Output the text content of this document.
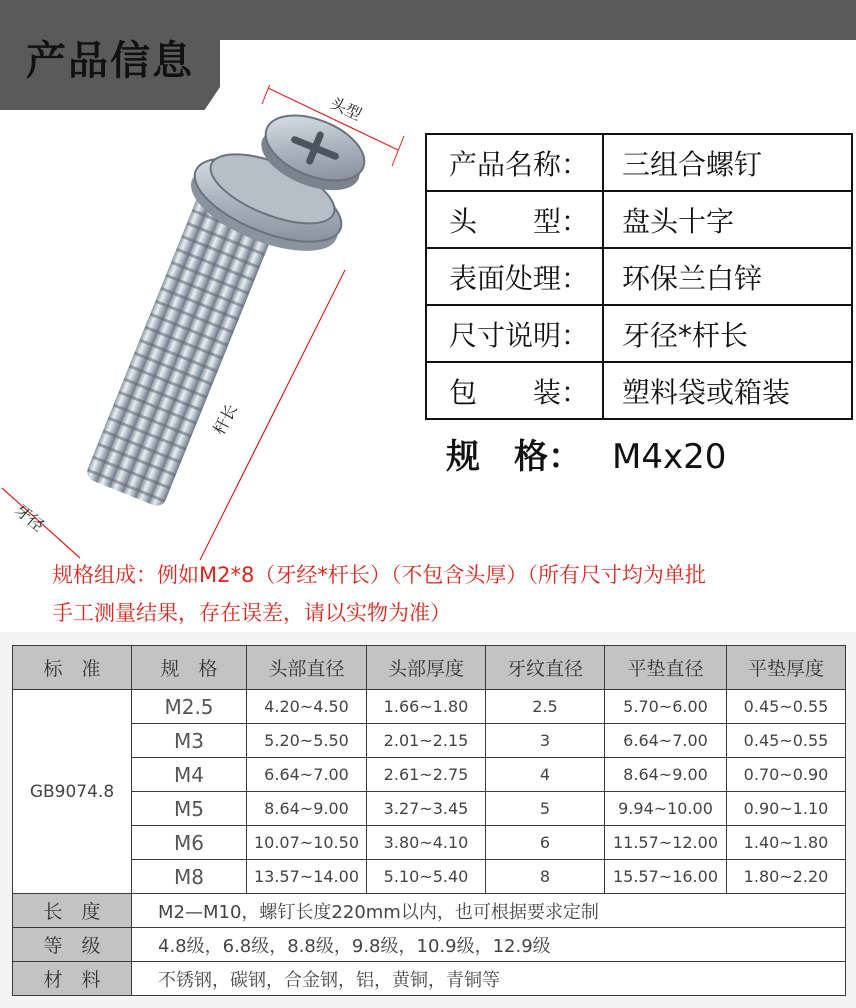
产品信息
头型
杆长
牙径
产品名称：	三组合螺钉
头　　型：	盘头十字
表面处理：	环保兰白锌
尺寸说明：	牙径*杆长
包　　装：	塑料袋或箱装
规　格： M4x20
规格组成：例如M2*8（牙经*杆长）（不包含头厚）（所有尺寸均为单批
手工测量结果，存在误差，请以实物为准）
标　准	规　格	头部直径	头部厚度	牙纹直径	平垫直径	平垫厚度
GB9074.8	M2.5	4.20~4.50	1.66~1.80	2.5	5.70~6.00	0.45~0.55
	M3	5.20~5.50	2.01~2.15	3	6.64~7.00	0.45~0.55
	M4	6.64~7.00	2.61~2.75	4	8.64~9.00	0.70~0.90
	M5	8.64~9.00	3.27~3.45	5	9.94~10.00	0.90~1.10
	M6	10.07~10.50	3.80~4.10	6	11.57~12.00	1.40~1.80
	M8	13.57~14.00	5.10~5.40	8	15.57~16.00	1.80~2.20
长　度	M2—M10，螺钉长度220mm以内，也可根据要求定制					
等　级	4.8级，6.8级，8.8级，9.8级，10.9级，12.9级					
材　料	不锈钢，碳钢，合金钢，铝，黄铜，青铜等					
